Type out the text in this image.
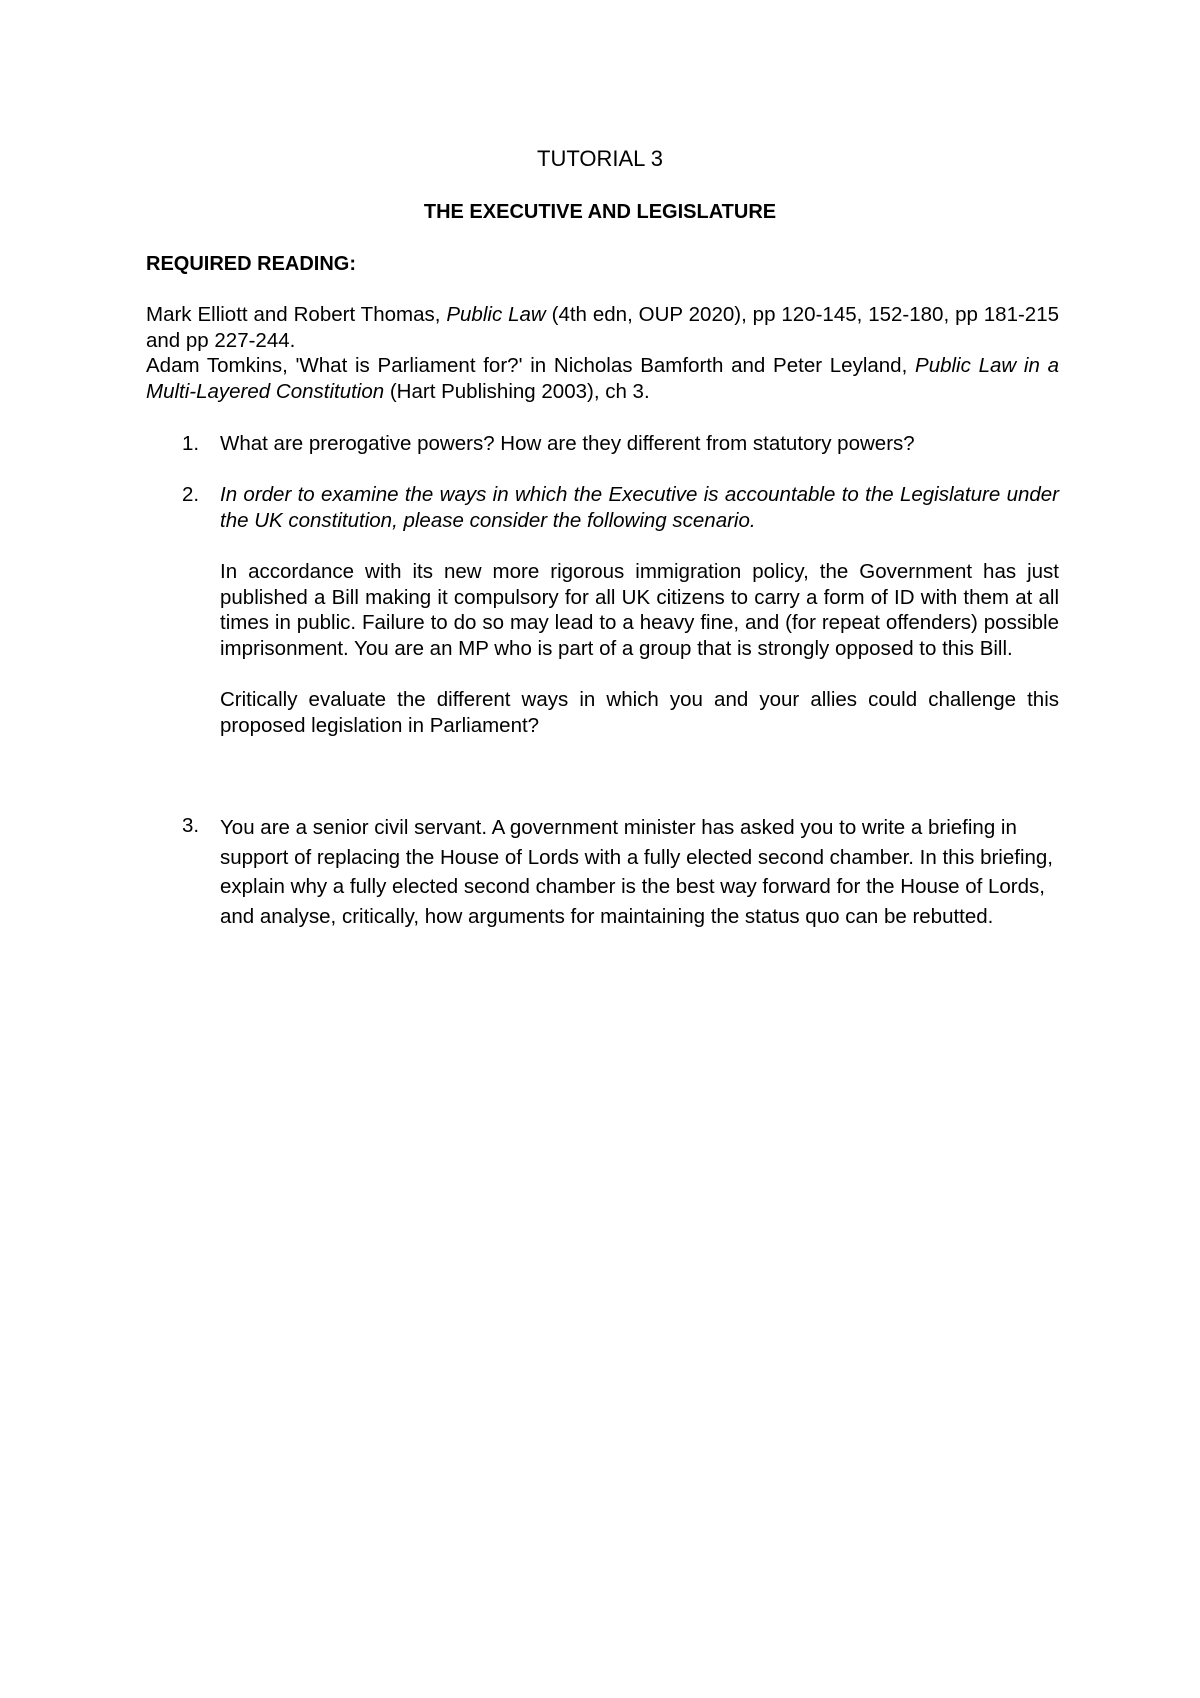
TUTORIAL 3
THE EXECUTIVE AND LEGISLATURE
REQUIRED READING:

Mark Elliott and Robert Thomas, Public Law (4th edn, OUP 2020), pp 120-145, 152-180, pp 181-215 and pp 227-244.

Adam Tomkins, 'What is Parliament for?' in Nicholas Bamforth and Peter Leyland, Public Law in a Multi-Layered Constitution (Hart Publishing 2003), ch 3.

1.	What are prerogative powers? How are they different from statutory powers?

2.	In order to examine the ways in which the Executive is accountable to the Legislature under the UK constitution, please consider the following scenario.

In accordance with its new more rigorous immigration policy, the Government has just published a Bill making it compulsory for all UK citizens to carry a form of ID with them at all times in public. Failure to do so may lead to a heavy fine, and (for repeat offenders) possible imprisonment. You are an MP who is part of a group that is strongly opposed to this Bill.

Critically evaluate the different ways in which you and your allies could challenge this proposed legislation in Parliament?

3.	You are a senior civil servant. A government minister has asked you to write a briefing in support of replacing the House of Lords with a fully elected second chamber. In this briefing, explain why a fully elected second chamber is the best way forward for the House of Lords, and analyse, critically, how arguments for maintaining the status quo can be rebutted.
